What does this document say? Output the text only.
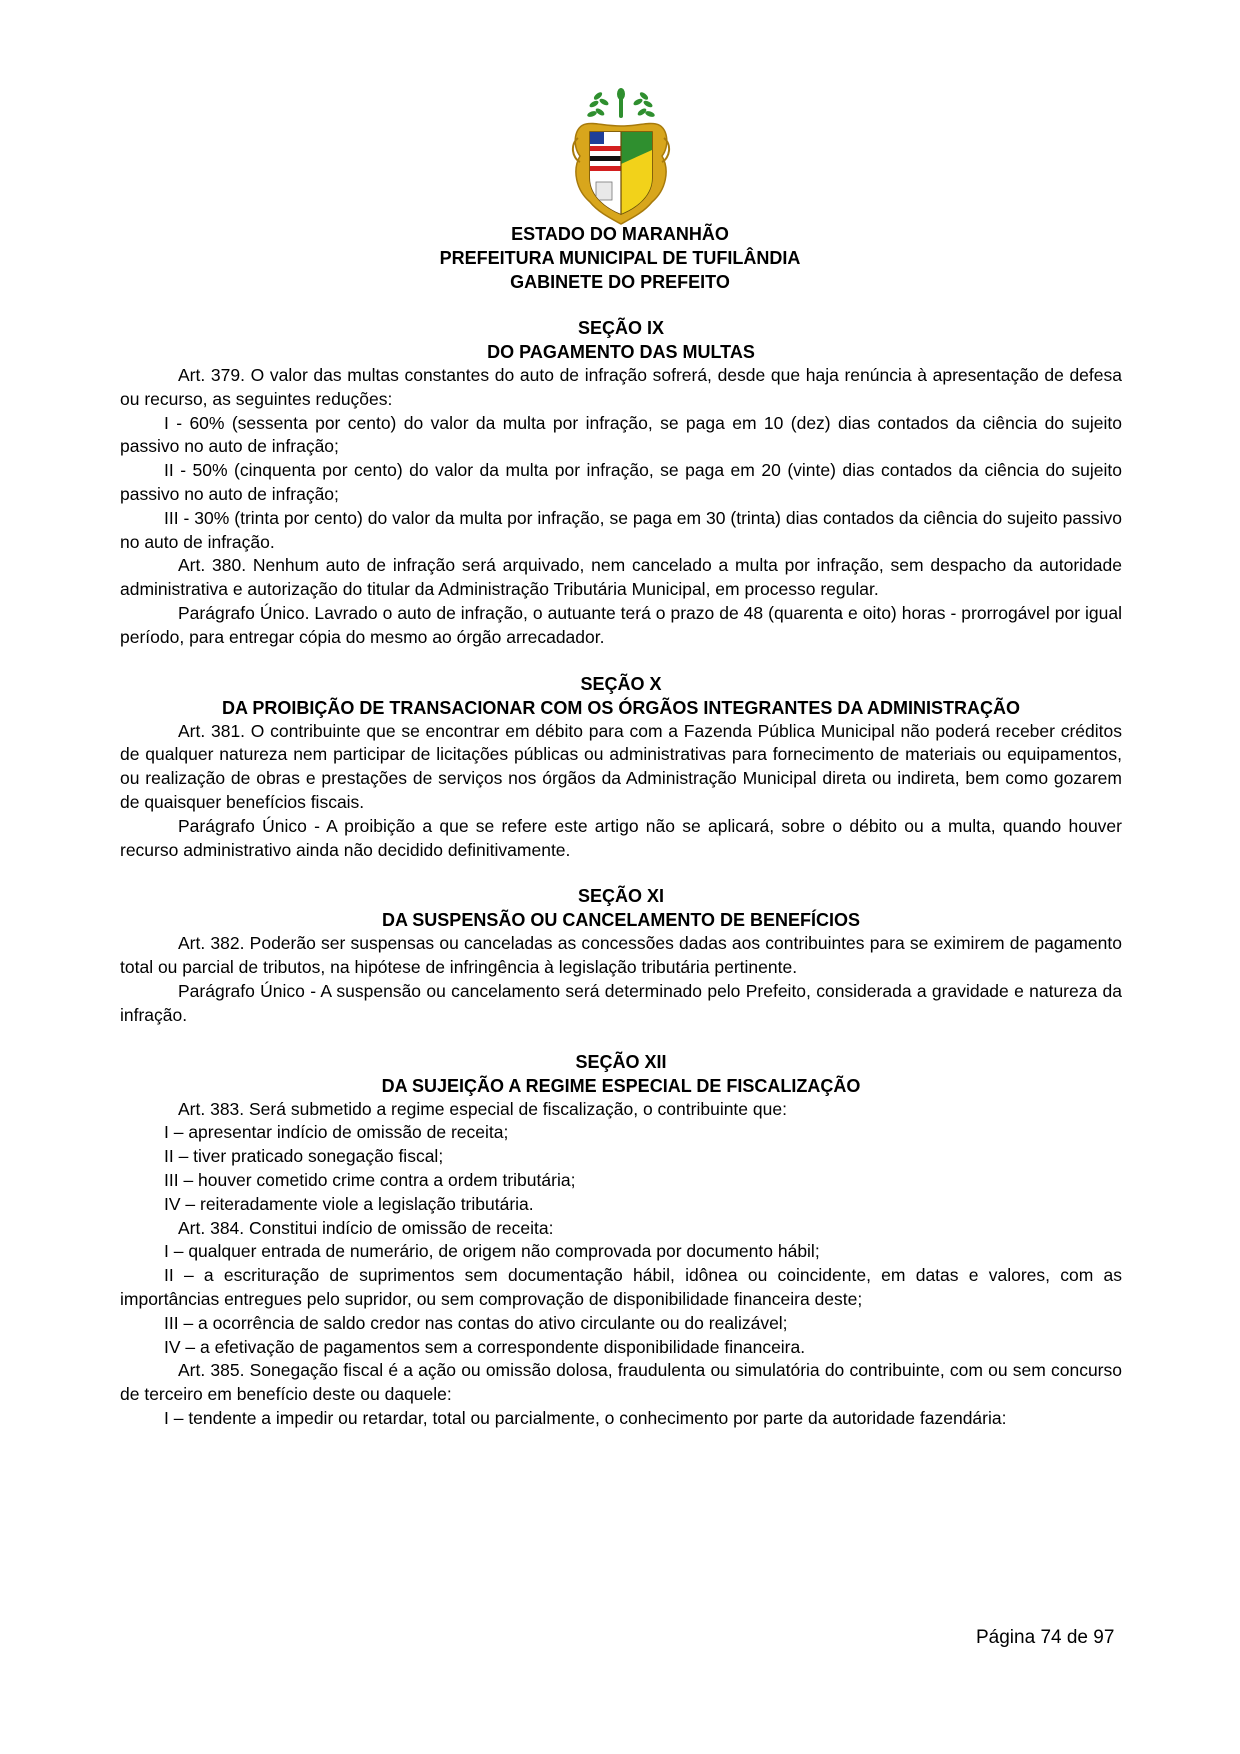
ESTADO DO MARANHÃO
PREFEITURA MUNICIPAL DE TUFILÂNDIA
GABINETE DO PREFEITO
SEÇÃO IX
DO PAGAMENTO DAS MULTAS

Art. 379. O valor das multas constantes do auto de infração sofrerá, desde que haja renúncia à apresentação de defesa ou recurso, as seguintes reduções:

I - 60% (sessenta por cento) do valor da multa por infração, se paga em 10 (dez) dias contados da ciência do sujeito passivo no auto de infração;

II - 50% (cinquenta por cento) do valor da multa por infração, se paga em 20 (vinte) dias contados da ciência do sujeito passivo no auto de infração;

III - 30% (trinta por cento) do valor da multa por infração, se paga em 30 (trinta) dias contados da ciência do sujeito passivo no auto de infração.

Art. 380. Nenhum auto de infração será arquivado, nem cancelado a multa por infração, sem despacho da autoridade administrativa e autorização do titular da Administração Tributária Municipal, em processo regular.

Parágrafo Único. Lavrado o auto de infração, o autuante terá o prazo de 48 (quarenta e oito) horas - prorrogável por igual período, para entregar cópia do mesmo ao órgão arrecadador.

SEÇÃO X
DA PROIBIÇÃO DE TRANSACIONAR COM OS ÓRGÃOS INTEGRANTES DA ADMINISTRAÇÃO

Art. 381. O contribuinte que se encontrar em débito para com a Fazenda Pública Municipal não poderá receber créditos de qualquer natureza nem participar de licitações públicas ou administrativas para fornecimento de materiais ou equipamentos, ou realização de obras e prestações de serviços nos órgãos da Administração Municipal direta ou indireta, bem como gozarem de quaisquer benefícios fiscais.

Parágrafo Único - A proibição a que se refere este artigo não se aplicará, sobre o débito ou a multa, quando houver recurso administrativo ainda não decidido definitivamente.

SEÇÃO XI
DA SUSPENSÃO OU CANCELAMENTO DE BENEFÍCIOS

Art. 382. Poderão ser suspensas ou canceladas as concessões dadas aos contribuintes para se eximirem de pagamento total ou parcial de tributos, na hipótese de infringência à legislação tributária pertinente.

Parágrafo Único - A suspensão ou cancelamento será determinado pelo Prefeito, considerada a gravidade e natureza da infração.

SEÇÃO XII
DA SUJEIÇÃO A REGIME ESPECIAL DE FISCALIZAÇÃO

Art. 383. Será submetido a regime especial de fiscalização, o contribuinte que:

I – apresentar indício de omissão de receita;

II – tiver praticado sonegação fiscal;

III – houver cometido crime contra a ordem tributária;

IV – reiteradamente viole a legislação tributária.

Art. 384. Constitui indício de omissão de receita:

I – qualquer entrada de numerário, de origem não comprovada por documento hábil;

II – a escrituração de suprimentos sem documentação hábil, idônea ou coincidente, em datas e valores, com as importâncias entregues pelo supridor, ou sem comprovação de disponibilidade financeira deste;

III – a ocorrência de saldo credor nas contas do ativo circulante ou do realizável;

IV – a efetivação de pagamentos sem a correspondente disponibilidade financeira.

Art. 385. Sonegação fiscal é a ação ou omissão dolosa, fraudulenta ou simulatória do contribuinte, com ou sem concurso de terceiro em benefício deste ou daquele:

I – tendente a impedir ou retardar, total ou parcialmente, o conhecimento por parte da autoridade fazendária:

Página 74 de 97
